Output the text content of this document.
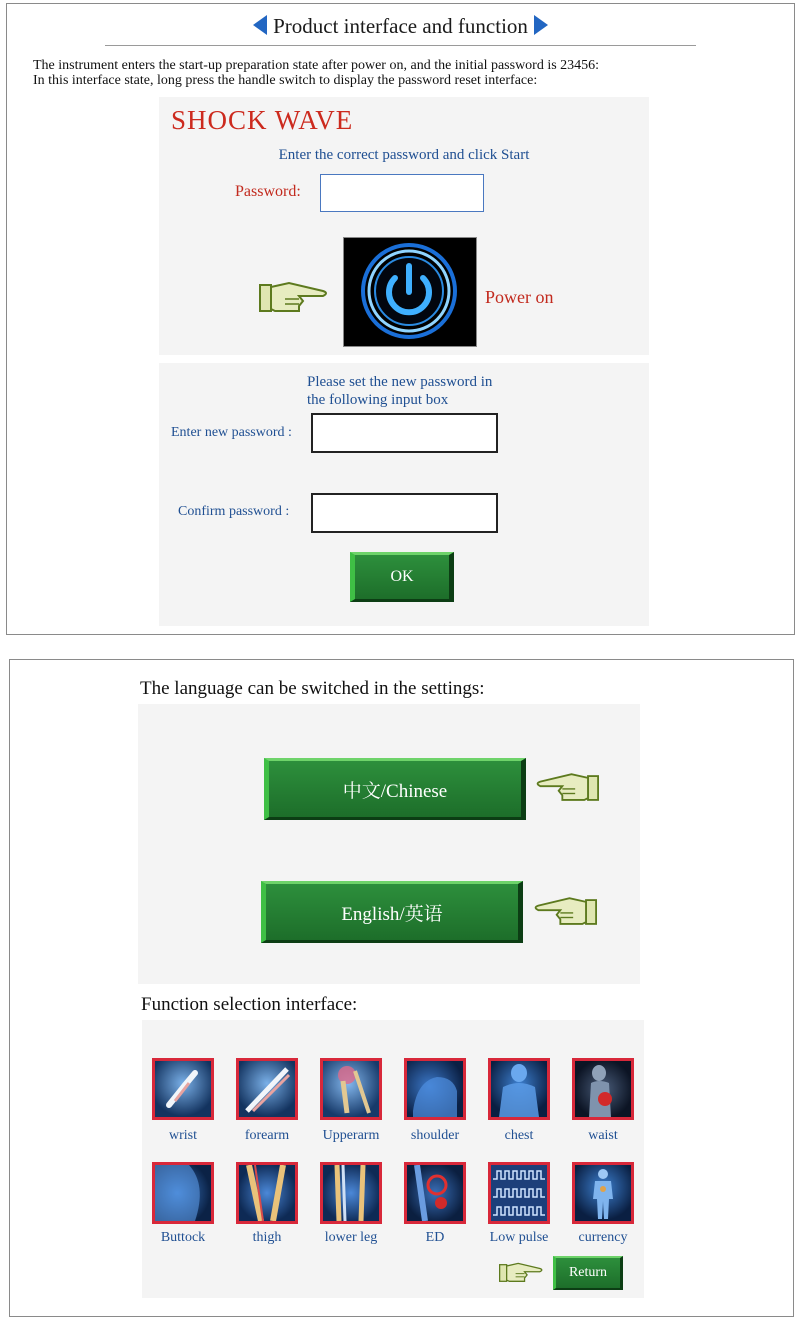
Product interface and function
The instrument enters the start-up preparation state after power on, and the initial password is 23456:
In this interface state, long press the handle switch to display the password reset interface:
SHOCK WAVE
Enter the correct password and click Start
Password:
Power on
Please set the new password in
the following input box
Enter new password :
Confirm password :
OK
The language can be switched in the settings:
中文/Chinese
English/英语
Function selection interface:
wrist	forearm	Upperarm	shoulder	chest	waist
Buttock	thigh	lower leg	ED	Low pulse	currency
Return
